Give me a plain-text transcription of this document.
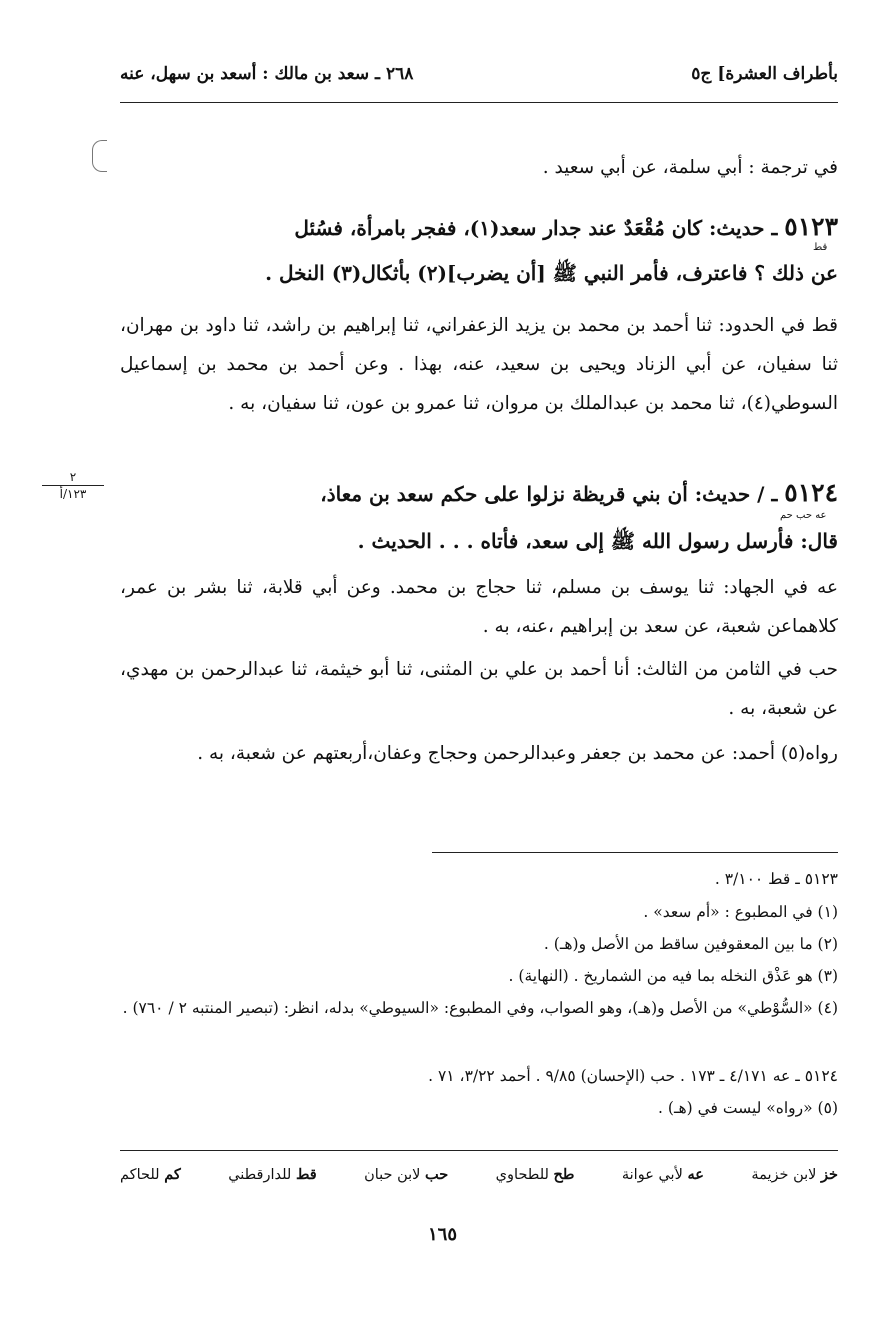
٢٦٨ ـ سعد بن مالك : أسعد بن سهل، عنه	بأطراف العشرة] ج٥
في ترجمة : أبي سلمة، عن أبي سعيد .
٥١٢٣ ـ حديث: كان مُقْعَدٌ عند جدار سعد(١)، ففجر بامرأة، فسُئل
قط
عن ذلك ؟ فاعترف، فأمر النبي ﷺ [أن يضرب](٢) بأثكال(٣) النخل .
قط في الحدود: ثنا أحمد بن محمد بن يزيد الزعفراني، ثنا إبراهيم بن راشد، ثنا داود بن مهران، ثنا سفيان، عن أبي الزناد ويحيى بن سعيد، عنه، بهذا . وعن أحمد بن محمد بن إسماعيل السوطي(٤)، ثنا محمد بن عبدالملك بن مروان، ثنا عمرو بن عون، ثنا سفيان، به .
٢
١٢٣/أ	٥١٢٤ ـ / حديث: أن بني قريظة نزلوا على حكم سعد بن معاذ،
عه حب حم
قال: فأرسل رسول الله ﷺ إلى سعد، فأتاه . . . الحديث .
عه في الجهاد: ثنا يوسف بن مسلم، ثنا حجاج بن محمد. وعن أبي قلابة، ثنا بشر بن عمر، كلاهماعن شعبة، عن سعد بن إبراهيم ،عنه، به .
حب في الثامن من الثالث: أنا أحمد بن علي بن المثنى، ثنا أبو خيثمة، ثنا عبدالرحمن بن مهدي، عن شعبة، به .
رواه(٥) أحمد: عن محمد بن جعفر وعبدالرحمن وحجاج وعفان،أربعتهم عن شعبة، به .
٥١٢٣ ـ قط ٣/١٠٠ .
(١) في المطبوع : «أم سعد» .
(٢) ما بين المعقوفين ساقط من الأصل و(هـ) .
(٣) هو عَذْق النخله بما فيه من الشماريخ . (النهاية) .
(٤) «السُّوْطي» من الأصل و(هـ)، وهو الصواب، وفي المطبوع: «السيوطي» بدله، انظر: (تبصير المنتبه ٢ / ٧٦٠) .
٥١٢٤ ـ عه ٤/١٧١ ـ ١٧٣ . حب (الإحسان) ٩/٨٥ . أحمد ٣/٢٢، ٧١ .
(٥) «رواه» ليست في (هـ) .
خز لابن خزيمة
عه لأبي عوانة
طح للطحاوي
حب لابن حبان
قط للدارقطني
كم للحاكم
١٦٥
